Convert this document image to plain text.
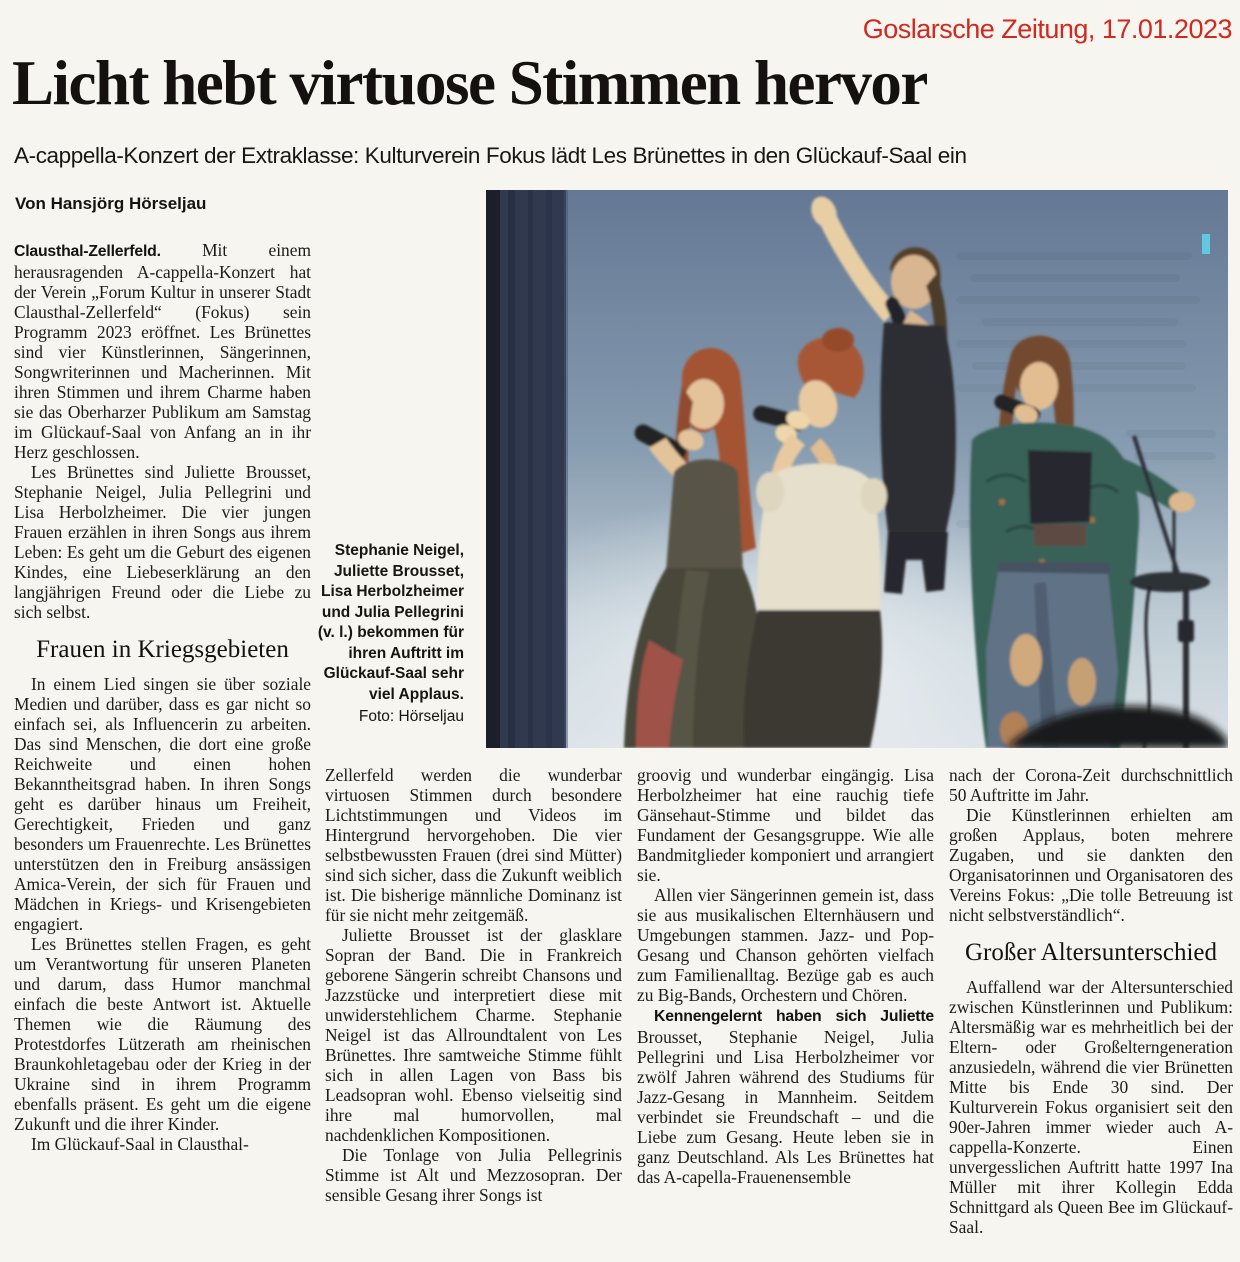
Goslarsche Zeitung, 17.01.2023
Licht hebt virtuose Stimmen hervor
A-cappella-Konzert der Extraklasse: Kulturverein Fokus lädt Les Brünettes in den Glückauf-Saal ein
Von Hansjörg Hörseljau
Stephanie Neigel, Juliette Brousset, Lisa Herbolzheimer und Julia Pellegrini (v. l.) bekommen für ihren Auftritt im Glückauf-Saal sehr viel Applaus.
Foto: Hörseljau

Clausthal-Zellerfeld. Mit einem herausragenden A-cappella-Konzert hat der Verein „Forum Kultur in unserer Stadt Clausthal-Zellerfeld“ (Fokus) sein Programm 2023 eröffnet. Les Brünettes sind vier Künstlerinnen, Sängerinnen, Songwriterinnen und Macherinnen. Mit ihren Stimmen und ihrem Charme haben sie das Oberharzer Publikum am Samstag im Glückauf-Saal von Anfang an in ihr Herz geschlossen.

Les Brünettes sind Juliette Brousset, Stephanie Neigel, Julia Pellegrini und Lisa Herbolzheimer. Die vier jungen Frauen erzählen in ihren Songs aus ihrem Leben: Es geht um die Geburt des eigenen Kindes, eine Liebeserklärung an den langjährigen Freund oder die Liebe zu sich selbst.

Frauen in Kriegsgebieten

In einem Lied singen sie über soziale Medien und darüber, dass es gar nicht so einfach sei, als Influencerin zu arbeiten. Das sind Menschen, die dort eine große Reichweite und einen hohen Bekanntheitsgrad haben. In ihren Songs geht es darüber hinaus um Freiheit, Gerechtigkeit, Frieden und ganz besonders um Frauenrechte. Les Brünettes unterstützen den in Freiburg ansässigen Amica-Verein, der sich für Frauen und Mädchen in Kriegs- und Krisengebieten engagiert.

Les Brünettes stellen Fragen, es geht um Verantwortung für unseren Planeten und darum, dass Humor manchmal einfach die beste Antwort ist. Aktuelle Themen wie die Räumung des Protestdorfes Lützerath am rheinischen Braunkohletagebau oder der Krieg in der Ukraine sind in ihrem Programm ebenfalls präsent. Es geht um die eigene Zukunft und die ihrer Kinder.

Im Glückauf-Saal in Clausthal-

Zellerfeld werden die wunderbar virtuosen Stimmen durch besondere Lichtstimmungen und Videos im Hintergrund hervorgehoben. Die vier selbstbewussten Frauen (drei sind Mütter) sind sich sicher, dass die Zukunft weiblich ist. Die bisherige männliche Dominanz ist für sie nicht mehr zeitgemäß.

Juliette Brousset ist der glasklare Sopran der Band. Die in Frankreich geborene Sängerin schreibt Chansons und Jazzstücke und interpretiert diese mit unwiderstehlichem Charme. Stephanie Neigel ist das Allroundtalent von Les Brünettes. Ihre samtweiche Stimme fühlt sich in allen Lagen von Bass bis Leadsopran wohl. Ebenso vielseitig sind ihre mal humorvollen, mal nachdenklichen Kompositionen.

Die Tonlage von Julia Pellegrinis Stimme ist Alt und Mezzosopran. Der sensible Gesang ihrer Songs ist

groovig und wunderbar eingängig. Lisa Herbolzheimer hat eine rauchig tiefe Gänsehaut-Stimme und bildet das Fundament der Gesangsgruppe. Wie alle Bandmitglieder komponiert und arrangiert sie.

Allen vier Sängerinnen gemein ist, dass sie aus musikalischen Elternhäusern und Umgebungen stammen. Jazz- und Pop-Gesang und Chanson gehörten vielfach zum Familienalltag. Bezüge gab es auch zu Big-Bands, Orchestern und Chören.

Kennengelernt haben sich Juliette Brousset, Stephanie Neigel, Julia Pellegrini und Lisa Herbolzheimer vor zwölf Jahren während des Studiums für Jazz-Gesang in Mannheim. Seitdem verbindet sie Freundschaft – und die Liebe zum Gesang. Heute leben sie in ganz Deutschland. Als Les Brünettes hat das A-capella-Frauenensemble

nach der Corona-Zeit durchschnittlich 50 Auftritte im Jahr.

Die Künstlerinnen erhielten am großen Applaus, boten mehrere Zugaben, und sie dankten den Organisatorinnen und Organisatoren des Vereins Fokus: „Die tolle Betreuung ist nicht selbstverständlich“.

Großer Altersunterschied

Auffallend war der Altersunterschied zwischen Künstlerinnen und Publikum: Altersmäßig war es mehrheitlich bei der Eltern- oder Großelterngeneration anzusiedeln, während die vier Brünetten Mitte bis Ende 30 sind. Der Kulturverein Fokus organisiert seit den 90er-Jahren immer wieder auch A-cappella-Konzerte. Einen unvergesslichen Auftritt hatte 1997 Ina Müller mit ihrer Kollegin Edda Schnittgard als Queen Bee im Glückauf-Saal.
